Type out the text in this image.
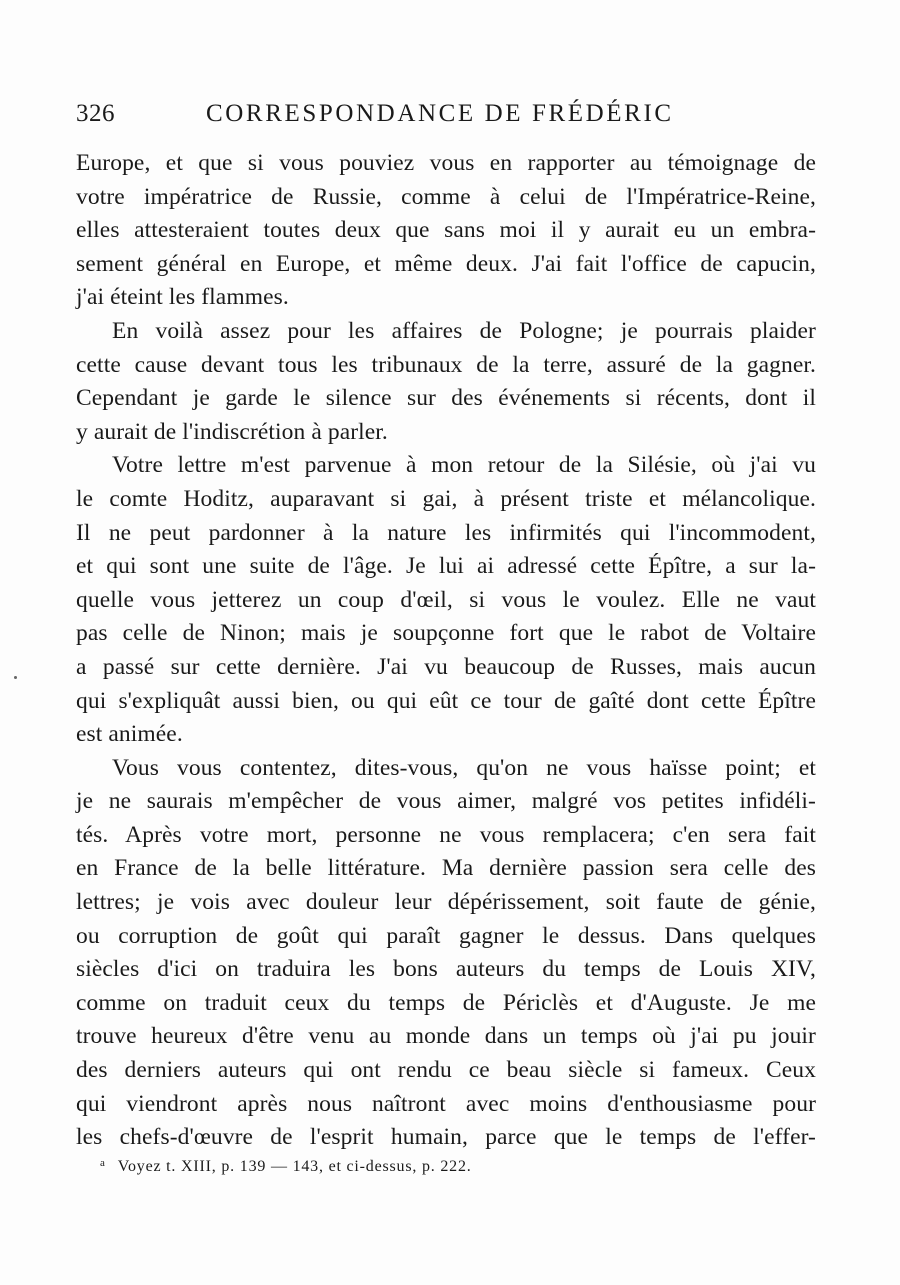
326	CORRESPONDANCE DE FRÉDÉRIC
Europe, et que si vous pouviez vous en rapporter au témoignage de
votre impératrice de Russie, comme à celui de l'Impératrice-Reine,
elles attesteraient toutes deux que sans moi il y aurait eu un embra-
sement général en Europe, et même deux. J'ai fait l'office de capucin,
j'ai éteint les flammes.
En voilà assez pour les affaires de Pologne; je pourrais plaider
cette cause devant tous les tribunaux de la terre, assuré de la gagner.
Cependant je garde le silence sur des événements si récents, dont il
y aurait de l'indiscrétion à parler.
Votre lettre m'est parvenue à mon retour de la Silésie, où j'ai vu
le comte Hoditz, auparavant si gai, à présent triste et mélancolique.
Il ne peut pardonner à la nature les infirmités qui l'incommodent,
et qui sont une suite de l'âge. Je lui ai adressé cette Épître, a sur la-
quelle vous jetterez un coup d'œil, si vous le voulez. Elle ne vaut
pas celle de Ninon; mais je soupçonne fort que le rabot de Voltaire
a passé sur cette dernière. J'ai vu beaucoup de Russes, mais aucun
qui s'expliquât aussi bien, ou qui eût ce tour de gaîté dont cette Épître
est animée.
Vous vous contentez, dites-vous, qu'on ne vous haïsse point; et
je ne saurais m'empêcher de vous aimer, malgré vos petites infidéli-
tés. Après votre mort, personne ne vous remplacera; c'en sera fait
en France de la belle littérature. Ma dernière passion sera celle des
lettres; je vois avec douleur leur dépérissement, soit faute de génie,
ou corruption de goût qui paraît gagner le dessus. Dans quelques
siècles d'ici on traduira les bons auteurs du temps de Louis XIV,
comme on traduit ceux du temps de Périclès et d'Auguste. Je me
trouve heureux d'être venu au monde dans un temps où j'ai pu jouir
des derniers auteurs qui ont rendu ce beau siècle si fameux. Ceux
qui viendront après nous naîtront avec moins d'enthousiasme pour
les chefs-d'œuvre de l'esprit humain, parce que le temps de l'effer-
$^a$ Voyez t. XIII, p. 139 — 143, et ci-dessus, p. 222.
